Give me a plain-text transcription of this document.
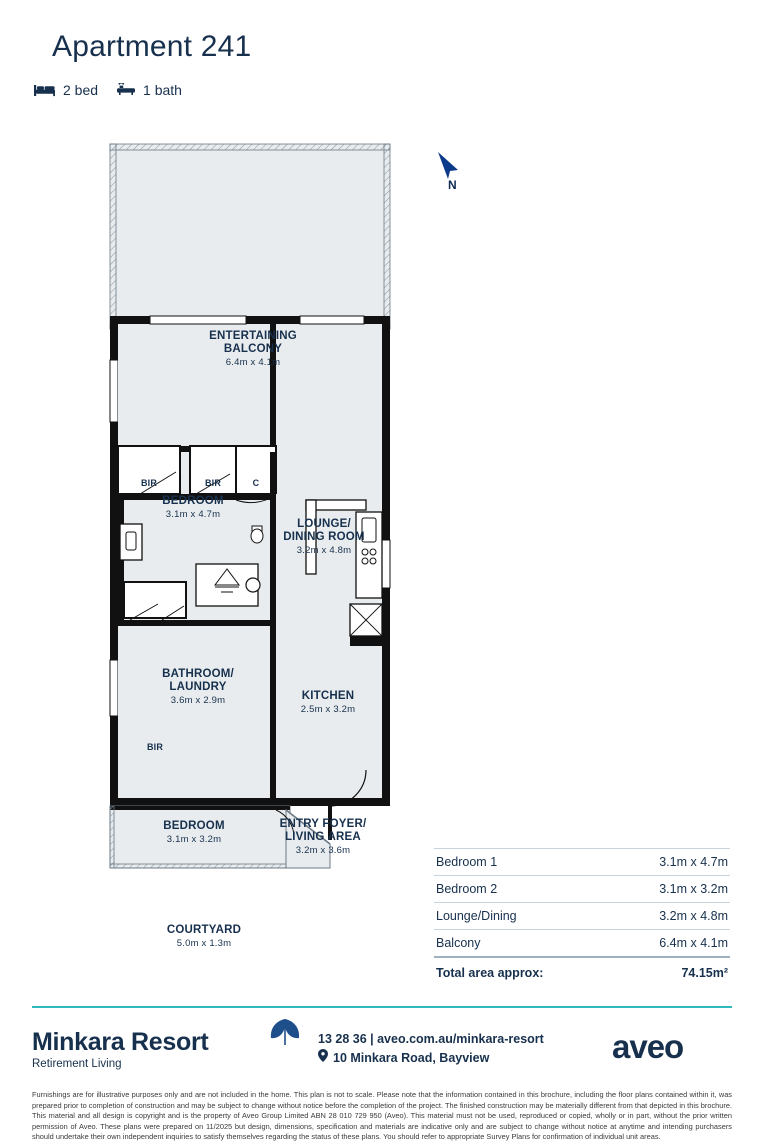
Apartment 241
2 bed	1 bath
N
ENTERTAINING
BALCONY
6.4m x 4.1m
BEDROOM
3.1m x 4.7m
LOUNGE/
DINING ROOM
3.2m x 4.8m
BATHROOM/
LAUNDRY
3.6m x 2.9m	KITCHEN
2.5m x 3.2m
BEDROOM
3.1m x 3.2m
ENTRY FOYER/
LIVING AREA
3.2m x 3.6m
COURTYARD
5.0m x 1.3m
BIR	BIR	C
BIR
Bedroom 1	3.1m x 4.7m
Bedroom 2	3.1m x 3.2m
Lounge/Dining	3.2m x 4.8m
Balcony	6.4m x 4.1m
Total area approx:	74.15m²
Minkara Resort
Retirement Living
13 28 36 | aveo.com.au/minkara-resort
10 Minkara Road, Bayview	aveo
Furnishings are for illustrative purposes only and are not included in the home. This plan is not to scale. Please note that the information contained in this brochure, including the floor plans contained within it, was prepared prior to completion of construction and may be subject to change without notice before the completion of the project. The finished construction may be materially different from that depicted in this brochure. This material and all design is copyright and is the property of Aveo Group Limited ABN 28 010 729 950 (Aveo). This material must not be used, reproduced or copied, wholly or in part, without the prior written permission of Aveo. These plans were prepared on 11/2025 but design, dimensions, specification and materials are indicative only and are subject to change without notice at anytime and intending purchasers should undertake their own independent inquiries to satisfy themselves regarding the status of these plans. You should refer to appropriate Survey Plans for confirmation of individual unit areas.
